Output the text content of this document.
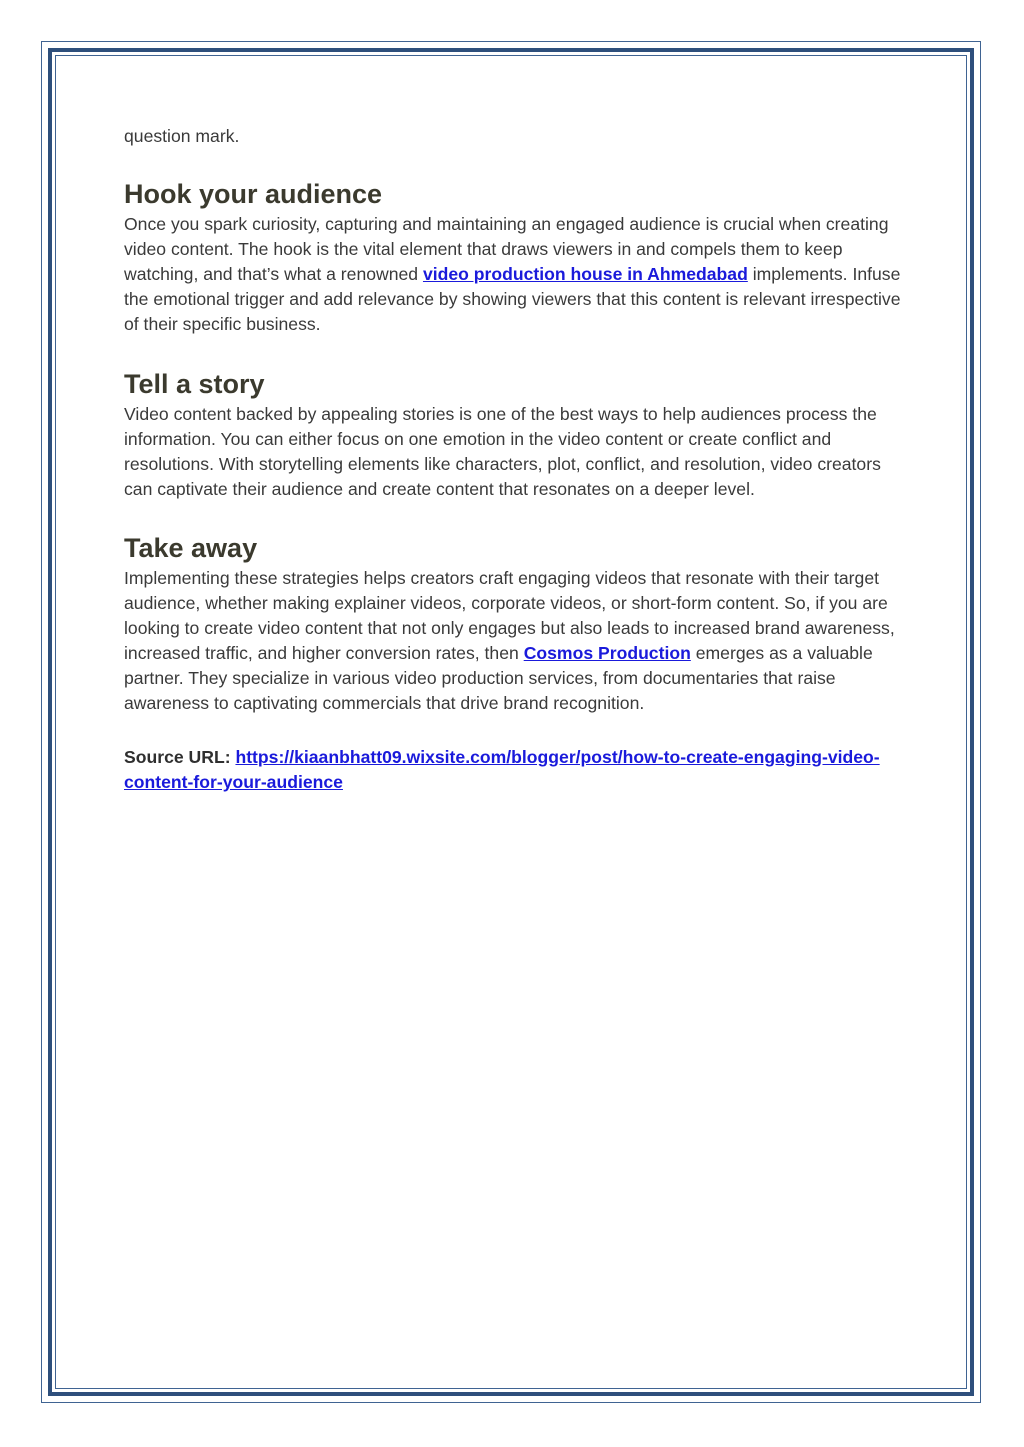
question mark.

Hook your audience

Once you spark curiosity, capturing and maintaining an engaged audience is crucial when creating video content. The hook is the vital element that draws viewers in and compels them to keep watching, and that’s what a renowned video production house in Ahmedabad implements. Infuse the emotional trigger and add relevance by showing viewers that this content is relevant irrespective of their specific business.

Tell a story

Video content backed by appealing stories is one of the best ways to help audiences process the information. You can either focus on one emotion in the video content or create conflict and resolutions. With storytelling elements like characters, plot, conflict, and resolution, video creators can captivate their audience and create content that resonates on a deeper level.

Take away

Implementing these strategies helps creators craft engaging videos that resonate with their target audience, whether making explainer videos, corporate videos, or short-form content. So, if you are looking to create video content that not only engages but also leads to increased brand awareness, increased traffic, and higher conversion rates, then Cosmos Production emerges as a valuable partner. They specialize in various video production services, from documentaries that raise awareness to captivating commercials that drive brand recognition.

Source URL: https://kiaanbhatt09.wixsite.com/blogger/post/how-to-create-engaging-video-content-for-your-audience
